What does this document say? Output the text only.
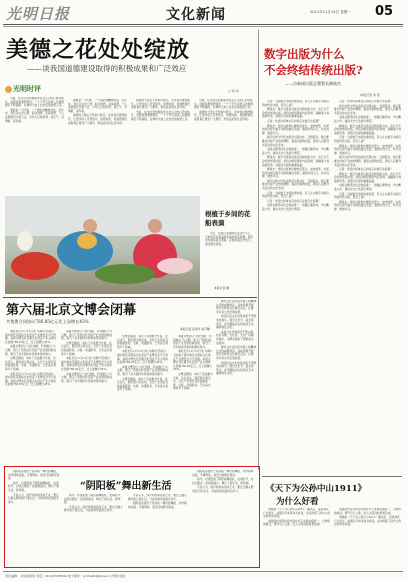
光明日报	文化新闻	2011年11月14日 星期一 05
美德之花处处绽放
——谈我国道德建设取得的积极成果和广泛效应
□ 何 华
光明时评

当前，在全社会积极倡导社会主义核心价值体系，加强思想道德建设，一个个平凡而感人的道德模范不断涌现，在神州大地上处处绽放美德之花。

道德是一个民族、一个国家的精神支柱。近年来，我们以社会公德、职业道德、家庭美德、个人品德建设为着力点，引导人们知荣辱、讲正气、作奉献、促和谐。

道德是一个民族、一个国家的精神支柱。近年来，我们以社会公德、职业道德、家庭美德、个人品德建设为着力点，引导人们知荣辱、讲正气、作奉献、促和谐。

美德的力量在于传承与践行。评选表彰道德模范，让更多的人见贤思齐，崇德向善，使道德建设成果真正惠及广大群众，形成良好的社会风尚。

美德的力量在于传承与践行。评选表彰道德模范，让更多的人见贤思齐，崇德向善，使道德建设成果真正惠及广大群众，形成良好的社会风尚。

当前，在全社会积极倡导社会主义核心价值体系，加强思想道德建设，一个个平凡而感人的道德模范不断涌现，在神州大地上处处绽放美德之花。

当前，在全社会积极倡导社会主义核心价值体系，加强思想道德建设，一个个平凡而感人的道德模范不断涌现，在神州大地上处处绽放美德之花。

美德的力量在于传承与践行。评选表彰道德模范，让更多的人见贤思齐，崇德向善，使道德建设成果真正惠及广大群众，形成良好的社会风尚。

数字出版为什么
不会终结传统出版?
——访新闻出版总署署长柳斌杰
本报记者 李 苑

记者：当前数字出版快速发展，有人认为数字出版将终结传统出版，您怎么看？

柳斌杰：数字出版是出版业发展的新方向，但它并不会终结传统出版。传统出版积累的内容资源、编辑能力和品牌优势，是数字出版的重要基础。

记者：传统出版单位应如何应对数字化浪潮？

柳斌杰：传统出版单位要转变观念，加快转型，实现传统出版与数字出版的融合发展，做到内容为王、技术支撑、渠道多元。

数字出版与传统出版将长期并存、互相促进。我们要推动出版产业结构调整，提高出版物质量，满足人民群众多层次的文化需求。

出版业要坚持社会效益第一，把握正确导向，多出精品力作，推动文化大发展大繁荣。

柳斌杰：数字出版是出版业发展的新方向，但它并不会终结传统出版。传统出版积累的内容资源、编辑能力和品牌优势，是数字出版的重要基础。

柳斌杰：传统出版单位要转变观念，加快转型，实现传统出版与数字出版的融合发展，做到内容为王、技术支撑、渠道多元。

数字出版与传统出版将长期并存、互相促进。我们要推动出版产业结构调整，提高出版物质量，满足人民群众多层次的文化需求。

记者：当前数字出版快速发展，有人认为数字出版将终结传统出版，您怎么看？

记者：传统出版单位应如何应对数字化浪潮？

出版业要坚持社会效益第一，把握正确导向，多出精品力作，推动文化大发展大繁荣。

记者：传统出版单位应如何应对数字化浪潮？

数字出版与传统出版将长期并存、互相促进。我们要推动出版产业结构调整，提高出版物质量，满足人民群众多层次的文化需求。

出版业要坚持社会效益第一，把握正确导向，多出精品力作，推动文化大发展大繁荣。

柳斌杰：数字出版是出版业发展的新方向，但它并不会终结传统出版。传统出版积累的内容资源、编辑能力和品牌优势，是数字出版的重要基础。

记者：当前数字出版快速发展，有人认为数字出版将终结传统出版，您怎么看？

柳斌杰：传统出版单位要转变观念，加快转型，实现传统出版与数字出版的融合发展，做到内容为王、技术支撑、渠道多元。

数字出版与传统出版将长期并存、互相促进。我们要推动出版产业结构调整，提高出版物质量，满足人民群众多层次的文化需求。

记者：传统出版单位应如何应对数字化浪潮？

柳斌杰：数字出版是出版业发展的新方向，但它并不会终结传统出版。传统出版积累的内容资源、编辑能力和品牌优势，是数字出版的重要基础。

出版业要坚持社会效益第一，把握正确导向，多出精品力作，推动文化大发展大繁荣。

记者：当前数字出版快速发展，有人认为数字出版将终结传统出版，您怎么看？

柳斌杰：传统出版单位要转变观念，加快转型，实现传统出版与数字出版的融合发展，做到内容为王、技术支撑、渠道多元。

根植于乡间的花船表演

近日，在浙江某地的民俗文化节上，当地村民身着盛装表演传统花船舞，吸引众多游客驻足观看。花船表演历史悠久，深受群众喜爱。

本报记者 摄
第六届北京文博会闭幕
共签署合同协议786.85亿元比上届增长45%
本报记者 张景华 孙乃隆

本报北京11月13日电 为期5天的第六届中国北京国际文化创意产业博览会今天闭幕。本届文博会共签署文化创意产业合同协议金额786.85亿元，比上届增长45%。

本届文博会以“文化创新、科技融合”为主题，展示了我国文化创意产业发展的新成果，吸引了众多国内外机构和观众参与。

文博会期间，举办了各类推介交易、论坛会议、展览展示等活动，文化产业项目签约涵盖影视、出版、动漫游戏、艺术品交易等多个领域。

本报北京11月13日电 为期5天的第六届中国北京国际文化创意产业博览会今天闭幕。本届文博会共签署文化创意产业合同协议金额786.85亿元，比上届增长45%。

本届文博会以“文化创新、科技融合”为主题，展示了我国文化创意产业发展的新成果，吸引了众多国内外机构和观众参与。

文博会期间，举办了各类推介交易、论坛会议、展览展示等活动，文化产业项目签约涵盖影视、出版、动漫游戏、艺术品交易等多个领域。

本报北京11月13日电 为期5天的第六届中国北京国际文化创意产业博览会今天闭幕。本届文博会共签署文化创意产业合同协议金额786.85亿元，比上届增长45%。

本届文博会以“文化创新、科技融合”为主题，展示了我国文化创意产业发展的新成果，吸引了众多国内外机构和观众参与。

文博会期间，举办了各类推介交易、论坛会议、展览展示等活动，文化产业项目签约涵盖影视、出版、动漫游戏、艺术品交易等多个领域。

本报北京11月13日电 为期5天的第六届中国北京国际文化创意产业博览会今天闭幕。本届文博会共签署文化创意产业合同协议金额786.85亿元，比上届增长45%。

本届文博会以“文化创新、科技融合”为主题，展示了我国文化创意产业发展的新成果，吸引了众多国内外机构和观众参与。

文博会期间，举办了各类推介交易、论坛会议、展览展示等活动，文化产业项目签约涵盖影视、出版、动漫游戏、艺术品交易等多个领域。

本届文博会以“文化创新、科技融合”为主题，展示了我国文化创意产业发展的新成果，吸引了众多国内外机构和观众参与。

本报北京11月13日电 为期5天的第六届中国北京国际文化创意产业博览会今天闭幕。本届文博会共签署文化创意产业合同协议金额786.85亿元，比上届增长45%。

文博会期间，举办了各类推介交易、论坛会议、展览展示等活动，文化产业项目签约涵盖影视、出版、动漫游戏、艺术品交易等多个领域。

群众文化活动是丰富人民精神生活的重要途径。各地积极开展形式多样的文化惠民活动，让群众共享文化发展成果。

传统民俗文化的传承离不开群众的参与。通过文化节、庙会等形式，许多濒临消失的民间艺术重新焕发生机。

基层文化设施建设不断完善，农家书屋、文化站、文化广场遍布城乡，为群众提供了便利的文化服务。

群众文化活动是丰富人民精神生活的重要途径。各地积极开展形式多样的文化惠民活动，让群众共享文化发展成果。

传统民俗文化的传承离不开群众的参与。通过文化节、庙会等形式，许多濒临消失的民间艺术重新焕发生机。

阴阳板是流传于民间的一种传统舞蹈，动作简单活泼，节奏明快，深受当地群众喜爱。

如今，村里组建了阴阳板舞蹈队，农闲时节，村民们聚在一起排练演出，舞出了新生活、新风貌。

专家认为，保护和传承民间艺术，要让它融入群众的日常生活，才能保持旺盛的生命力。

“阴阳板”舞出新生活

如今，村里组建了阴阳板舞蹈队，农闲时节，村民们聚在一起排练演出，舞出了新生活、新风貌。

专家认为，保护和传承民间艺术，要让它融入群众的日常生活，才能保持旺盛的生命力。

专家认为，保护和传承民间艺术，要让它融入群众的日常生活，才能保持旺盛的生命力。

阴阳板是流传于民间的一种传统舞蹈，动作简单活泼，节奏明快，深受当地群众喜爱。

阴阳板是流传于民间的一种传统舞蹈，动作简单活泼，节奏明快，深受当地群众喜爱。

如今，村里组建了阴阳板舞蹈队，农闲时节，村民们聚在一起排练演出，舞出了新生活、新风貌。

专家认为，保护和传承民间艺术，要让它融入群众的日常生活，才能保持旺盛的生命力。	《天下为公孙中山1911》
为什么好看

电视剧《天下为公孙中山1911》播出后，受到观众广泛好评。该剧以辛亥革命为背景，生动再现了孙中山先生的革命历程。

该剧创作者坚持历史真实与艺术真实相统一，人物形象鲜活，情节引人入胜，给人以深刻的思想启迪。

该剧创作者坚持历史真实与艺术真实相统一，人物形象鲜活，情节引人入胜，给人以深刻的思想启迪。

电视剧《天下为公孙中山1911》播出后，受到观众广泛好评。该剧以辛亥革命为背景，生动再现了孙中山先生的革命历程。

责任编辑：文化新闻部 电话：010-67078000 电子邮件：gmrbwh@gmw.cn 光明日报社
